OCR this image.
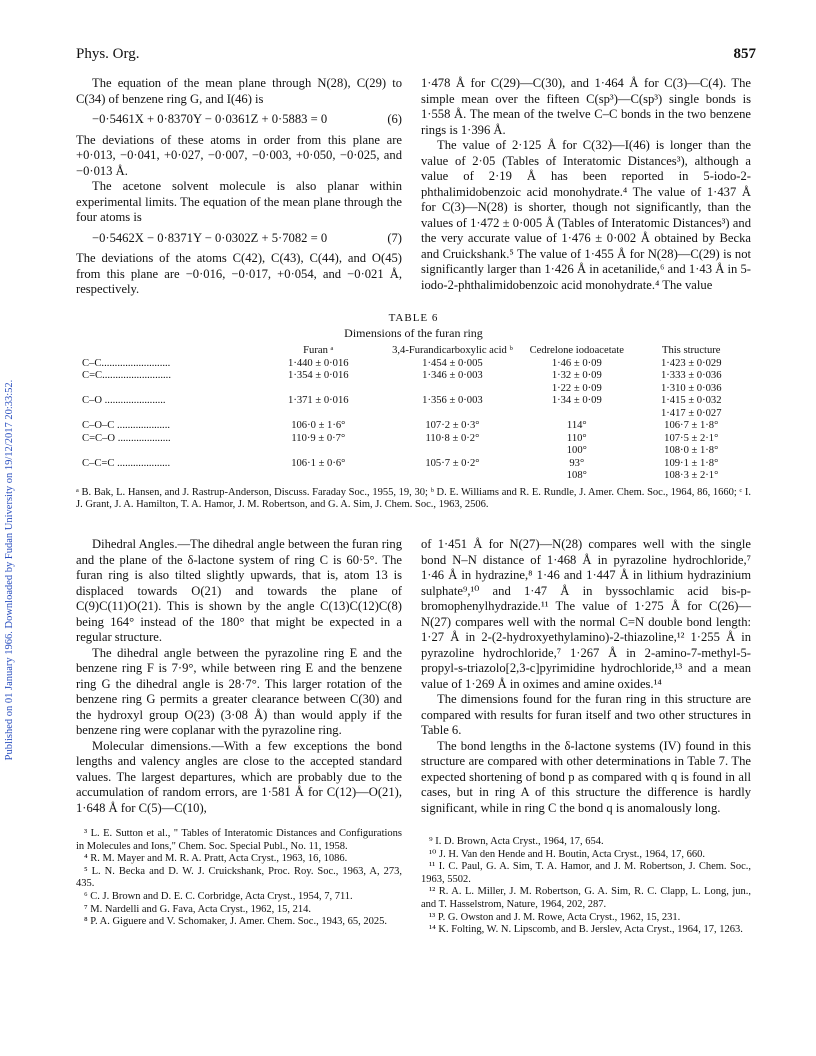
Published on 01 January 1966. Downloaded by Fudan University on 19/12/2017 20:33:52.
Phys. Org.	857

The equation of the mean plane through N(28), C(29) to C(34) of benzene ring G, and I(46) is

−0·5461X + 0·8370Y − 0·0361Z + 0·5883 = 0	(6)

The deviations of these atoms in order from this plane are +0·013, −0·041, +0·027, −0·007, −0·003, +0·050, −0·025, and −0·013 Å.

The acetone solvent molecule is also planar within experimental limits. The equation of the mean plane through the four atoms is

−0·5462X − 0·8371Y − 0·0302Z + 5·7082 = 0	(7)

The deviations of the atoms C(42), C(43), C(44), and O(45) from this plane are −0·016, −0·017, +0·054, and −0·021 Å, respectively.

1·478 Å for C(29)—C(30), and 1·464 Å for C(3)—C(4). The simple mean over the fifteen C(sp³)—C(sp³) single bonds is 1·558 Å. The mean of the twelve C–C bonds in the two benzene rings is 1·396 Å.

The value of 2·125 Å for C(32)—I(46) is longer than the value of 2·05 (Tables of Interatomic Distances³), although a value of 2·19 Å has been reported in 5-iodo-2-phthalimidobenzoic acid monohydrate.⁴ The value of 1·437 Å for C(3)—N(28) is shorter, though not significantly, than the values of 1·472 ± 0·005 Å (Tables of Interatomic Distances³) and the very accurate value of 1·476 ± 0·002 Å obtained by Becka and Cruickshank.⁵ The value of 1·455 Å for N(28)—C(29) is not significantly larger than 1·426 Å in acetanilide,⁶ and 1·43 Å in 5-iodo-2-phthalimidobenzoic acid monohydrate.⁴ The value

TABLE 6
Dimensions of the furan ring
	Furan ᵃ	3,4-Furandicarboxylic acid ᵇ	Cedrelone iodoacetate	This structure
C–C..........................	1·440 ± 0·016	1·454 ± 0·005	1·46 ± 0·09	1·423 ± 0·029
C=C..........................	1·354 ± 0·016	1·346 ± 0·003	1·32 ± 0·09	1·333 ± 0·036
			1·22 ± 0·09	1·310 ± 0·036
C–O .......................	1·371 ± 0·016	1·356 ± 0·003	1·34 ± 0·09	1·415 ± 0·032
				1·417 ± 0·027
C–O–C ....................	106·0 ± 1·6°	107·2 ± 0·3°	114°	106·7 ± 1·8°
C=C–O ....................	110·9 ± 0·7°	110·8 ± 0·2°	110°	107·5 ± 2·1°
			100°	108·0 ± 1·8°
C–C=C ....................	106·1 ± 0·6°	105·7 ± 0·2°	93°	109·1 ± 1·8°
			108°	108·3 ± 2·1°
ᵃ B. Bak, L. Hansen, and J. Rastrup-Anderson, Discuss. Faraday Soc., 1955, 19, 30; ᵇ D. E. Williams and R. E. Rundle, J. Amer. Chem. Soc., 1964, 86, 1660; ᶜ I. J. Grant, J. A. Hamilton, T. A. Hamor, J. M. Robertson, and G. A. Sim, J. Chem. Soc., 1963, 2506.

Dihedral Angles.—The dihedral angle between the furan ring and the plane of the δ-lactone system of ring C is 60·5°. The furan ring is also tilted slightly upwards, that is, atom 13 is displaced towards O(21) and towards the plane of C(9)C(11)O(21). This is shown by the angle C(13)C(12)C(8) being 164° instead of the 180° that might be expected in a regular structure.

The dihedral angle between the pyrazoline ring E and the benzene ring F is 7·9°, while between ring E and the benzene ring G the dihedral angle is 28·7°. This larger rotation of the benzene ring G permits a greater clearance between C(30) and the hydroxyl group O(23) (3·08 Å) than would apply if the benzene ring were coplanar with the pyrazoline ring.

Molecular dimensions.—With a few exceptions the bond lengths and valency angles are close to the accepted standard values. The largest departures, which are probably due to the accumulation of random errors, are 1·581 Å for C(12)—O(21), 1·648 Å for C(5)—C(10),

of 1·451 Å for N(27)—N(28) compares well with the single bond N–N distance of 1·468 Å in pyrazoline hydrochloride,⁷ 1·46 Å in hydrazine,⁸ 1·46 and 1·447 Å in lithium hydrazinium sulphate⁹,¹⁰ and 1·47 Å in byssochlamic acid bis-p-bromophenylhydrazide.¹¹ The value of 1·275 Å for C(26)—N(27) compares well with the normal C=N double bond length: 1·27 Å in 2-(2-hydroxyethylamino)-2-thiazoline,¹² 1·255 Å in pyrazoline hydrochloride,⁷ 1·267 Å in 2-amino-7-methyl-5-propyl-s-triazolo[2,3-c]pyrimidine hydrochloride,¹³ and a mean value of 1·269 Å in oximes and amine oxides.¹⁴

The dimensions found for the furan ring in this structure are compared with results for furan itself and two other structures in Table 6.

The bond lengths in the δ-lactone systems (IV) found in this structure are compared with other determinations in Table 7. The expected shortening of bond p as compared with q is found in all cases, but in ring A of this structure the difference is hardly significant, while in ring C the bond q is anomalously long.

³ L. E. Sutton et al., " Tables of Interatomic Distances and Configurations in Molecules and Ions," Chem. Soc. Special Publ., No. 11, 1958.
⁴ R. M. Mayer and M. R. A. Pratt, Acta Cryst., 1963, 16, 1086.
⁵ L. N. Becka and D. W. J. Cruickshank, Proc. Roy. Soc., 1963, A, 273, 435.
⁶ C. J. Brown and D. E. C. Corbridge, Acta Cryst., 1954, 7, 711.
⁷ M. Nardelli and G. Fava, Acta Cryst., 1962, 15, 214.
⁸ P. A. Giguere and V. Schomaker, J. Amer. Chem. Soc., 1943, 65, 2025.
⁹ I. D. Brown, Acta Cryst., 1964, 17, 654.
¹⁰ J. H. Van den Hende and H. Boutin, Acta Cryst., 1964, 17, 660.
¹¹ I. C. Paul, G. A. Sim, T. A. Hamor, and J. M. Robertson, J. Chem. Soc., 1963, 5502.
¹² R. A. L. Miller, J. M. Robertson, G. A. Sim, R. C. Clapp, L. Long, jun., and T. Hasselstrom, Nature, 1964, 202, 287.
¹³ P. G. Owston and J. M. Rowe, Acta Cryst., 1962, 15, 231.
¹⁴ K. Folting, W. N. Lipscomb, and B. Jerslev, Acta Cryst., 1964, 17, 1263.
